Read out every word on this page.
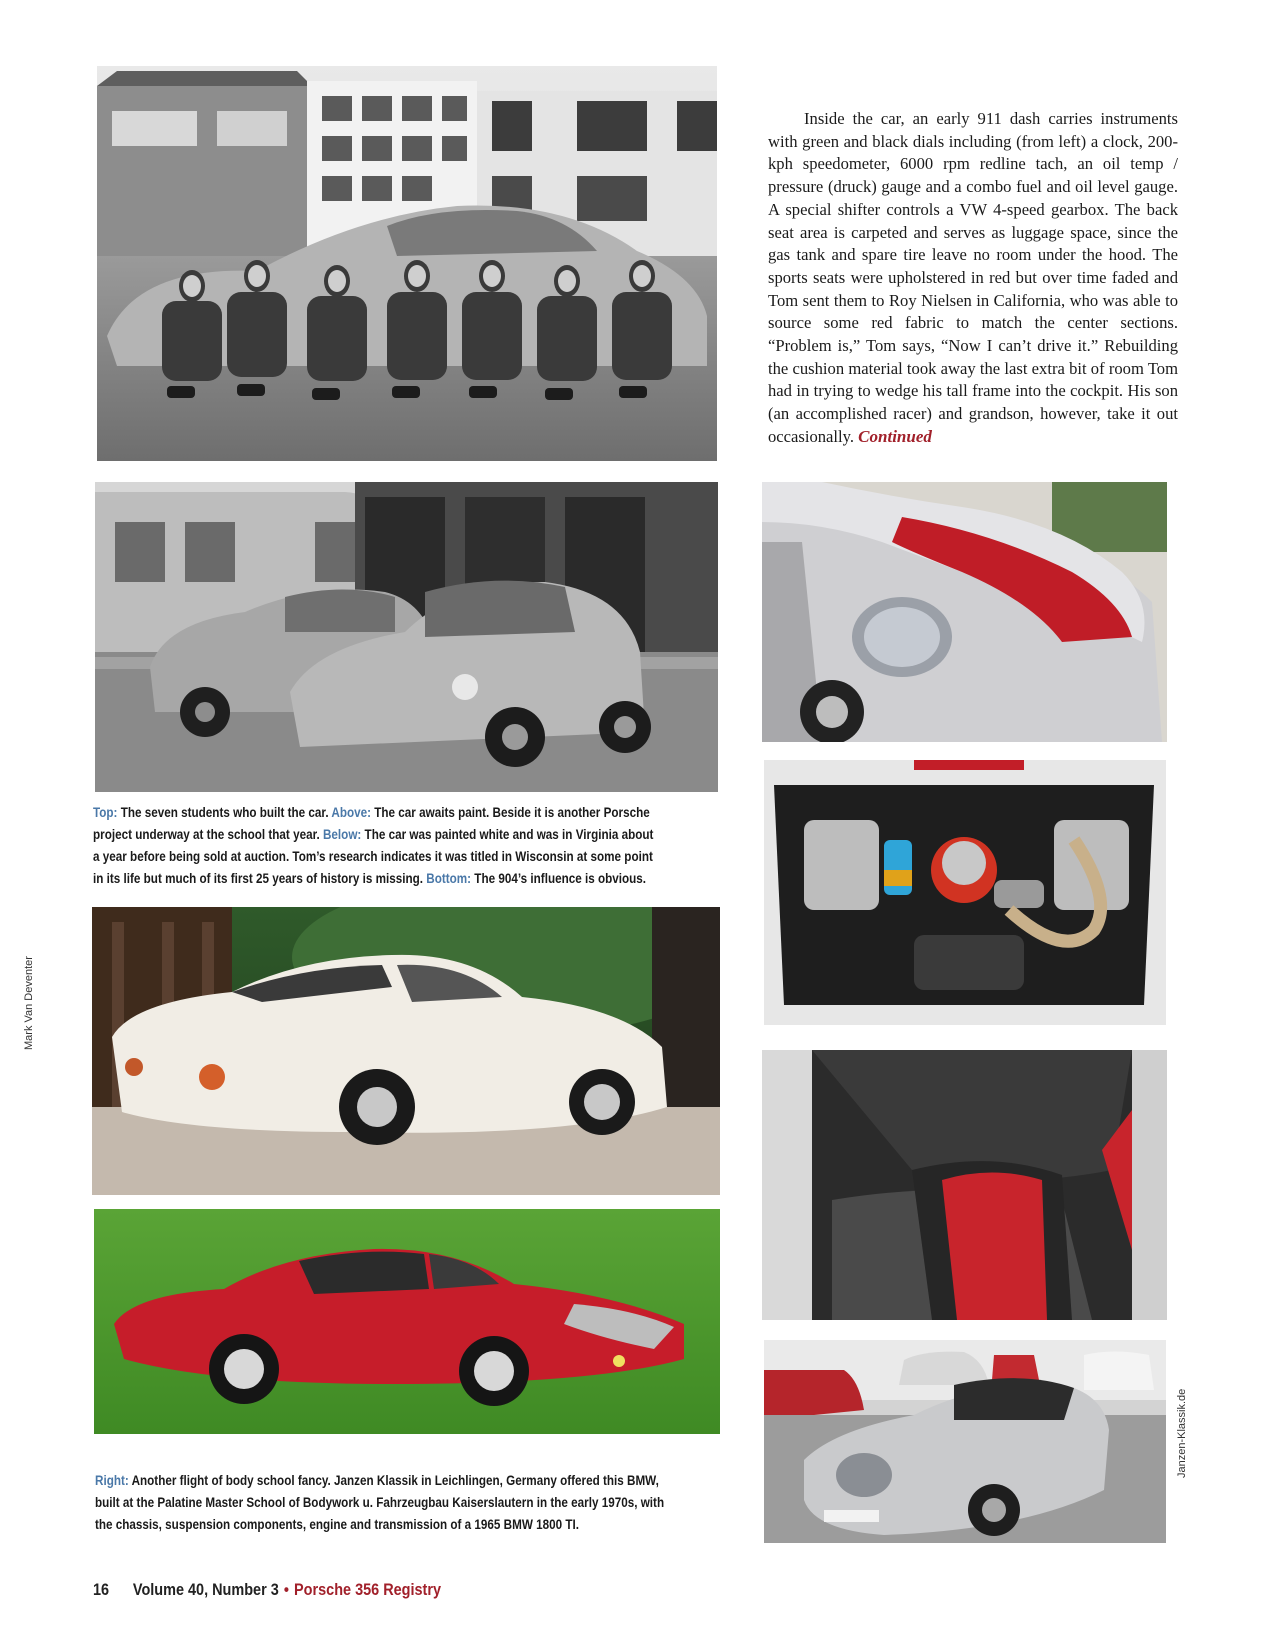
Inside the car, an early 911 dash carries instruments with green and black dials including (from left) a clock, 200-kph speedometer, 6000 rpm redline tach, an oil temp / pressure (druck) gauge and a combo fuel and oil level gauge. A special shifter controls a VW 4-speed gearbox. The back seat area is carpeted and serves as luggage space, since the gas tank and spare tire leave no room under the hood. The sports seats were upholstered in red but over time faded and Tom sent them to Roy Nielsen in California, who was able to source some red fabric to match the center sections. “Problem is,” Tom says, “Now I can’t drive it.” Rebuilding the cushion material took away the last extra bit of room Tom had in trying to wedge his tall frame into the cockpit. His son (an accomplished racer) and grandson, however, take it out occasionally. Continued

Top: The seven students who built the car. Above: The car awaits paint. Beside it is another Porsche
project underway at the school that year. Below: The car was painted white and was in Virginia about
a year before being sold at auction. Tom’s research indicates it was titled in Wisconsin at some point
in its life but much of its first 25 years of history is missing. Bottom: The 904’s influence is obvious.
Right: Another flight of body school fancy. Janzen Klassik in Leichlingen, Germany offered this BMW,
built at the Palatine Master School of Bodywork u. Fahrzeugbau Kaiserslautern in the early 1970s, with
the chassis, suspension components, engine and transmission of a 1965 BMW 1800 TI.
Mark Van Deventer
Janzen-Klassik.de
16 Volume 40, Number 3 • Porsche 356 Registry
